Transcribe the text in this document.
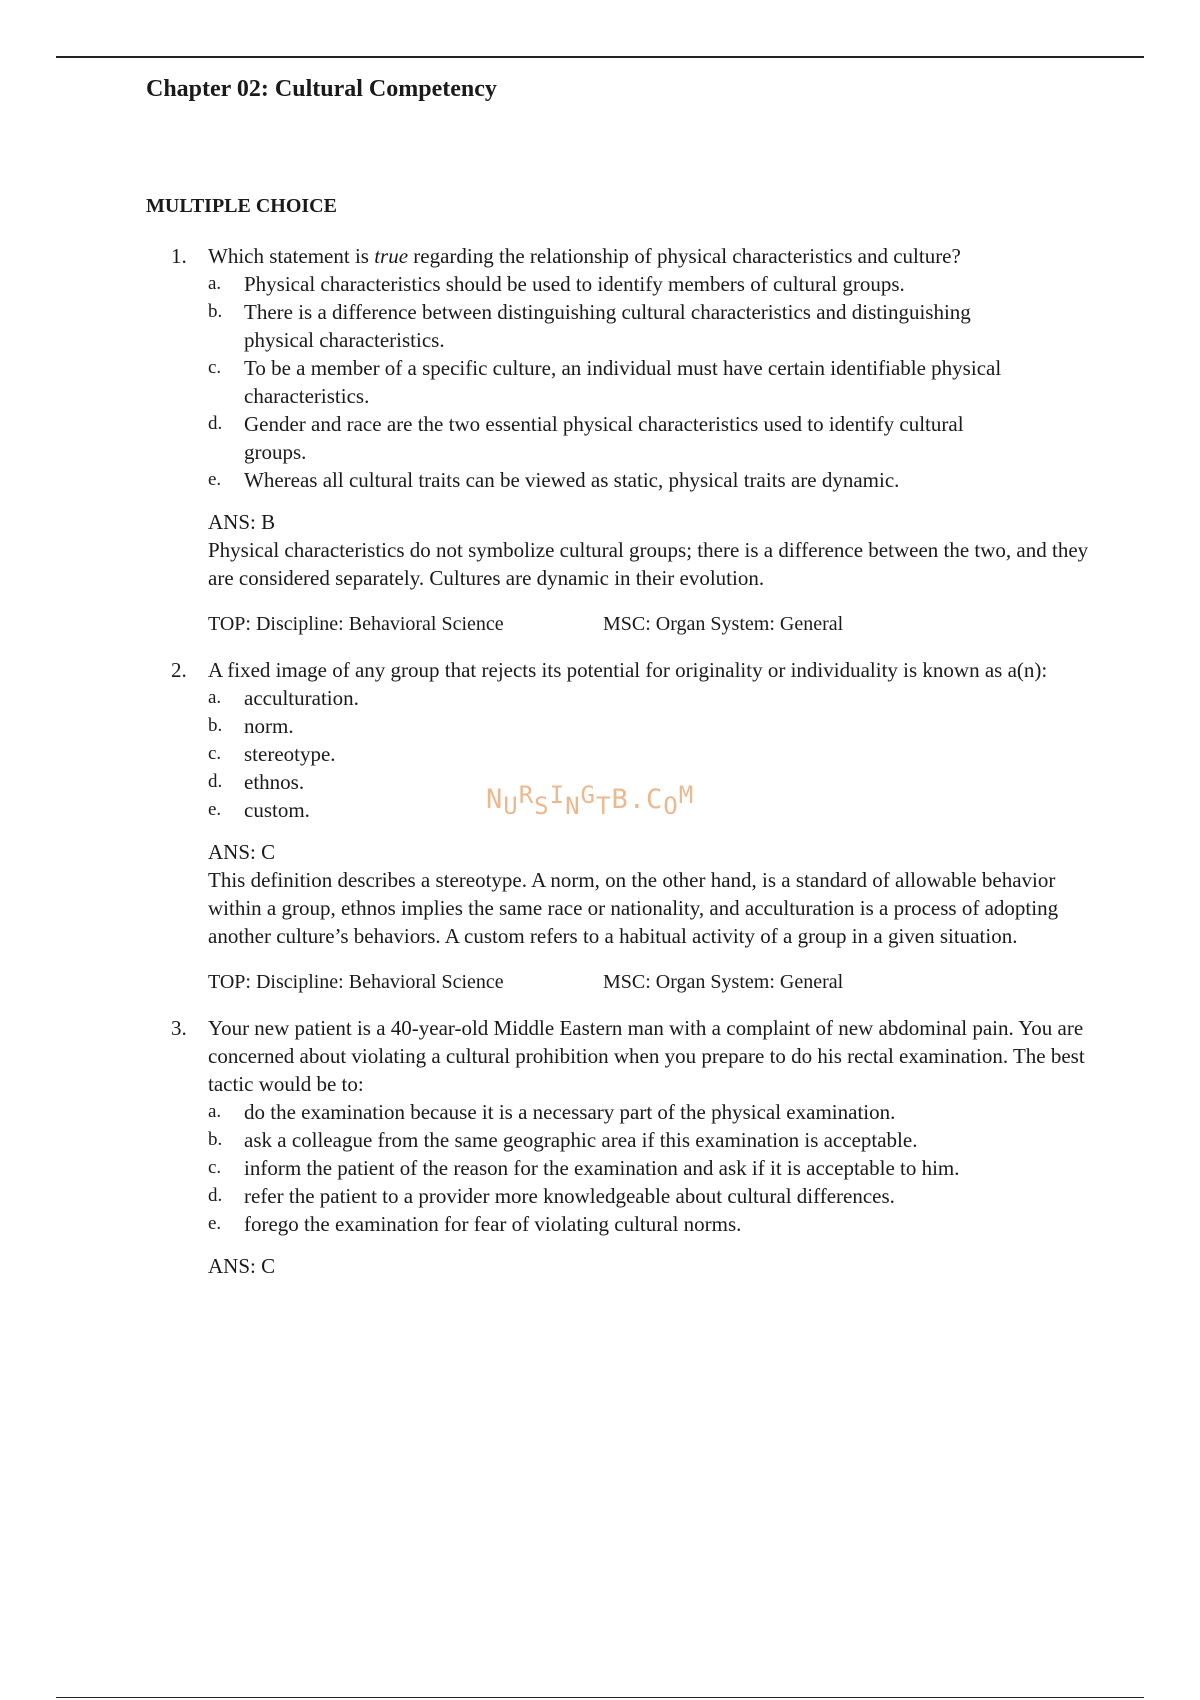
Chapter 02: Cultural Competency
MULTIPLE CHOICE
1. Which statement is true regarding the relationship of physical characteristics and culture?
a. Physical characteristics should be used to identify members of cultural groups.
b. There is a difference between distinguishing cultural characteristics and distinguishing physical characteristics.
c. To be a member of a specific culture, an individual must have certain identifiable physical characteristics.
d. Gender and race are the two essential physical characteristics used to identify cultural groups.
e. Whereas all cultural traits can be viewed as static, physical traits are dynamic.
ANS: B
Physical characteristics do not symbolize cultural groups; there is a difference between the two, and they are considered separately. Cultures are dynamic in their evolution.
TOP: Discipline: Behavioral Science	MSC: Organ System: General
2. A fixed image of any group that rejects its potential for originality or individuality is known as a(n):
a. acculturation.
b. norm.
c. stereotype.
d. ethnos.
e. custom.
ANS: C
This definition describes a stereotype. A norm, on the other hand, is a standard of allowable behavior within a group, ethnos implies the same race or nationality, and acculturation is a process of adopting another culture’s behaviors. A custom refers to a habitual activity of a group in a given situation.
TOP: Discipline: Behavioral Science	MSC: Organ System: General
3. Your new patient is a 40-year-old Middle Eastern man with a complaint of new abdominal pain. You are concerned about violating a cultural prohibition when you prepare to do his rectal examination. The best tactic would be to:
a. do the examination because it is a necessary part of the physical examination.
b. ask a colleague from the same geographic area if this examination is acceptable.
c. inform the patient of the reason for the examination and ask if it is acceptable to him.
d. refer the patient to a provider more knowledgeable about cultural differences.
e. forego the examination for fear of violating cultural norms.
ANS: C
NURSINGTB.COM
